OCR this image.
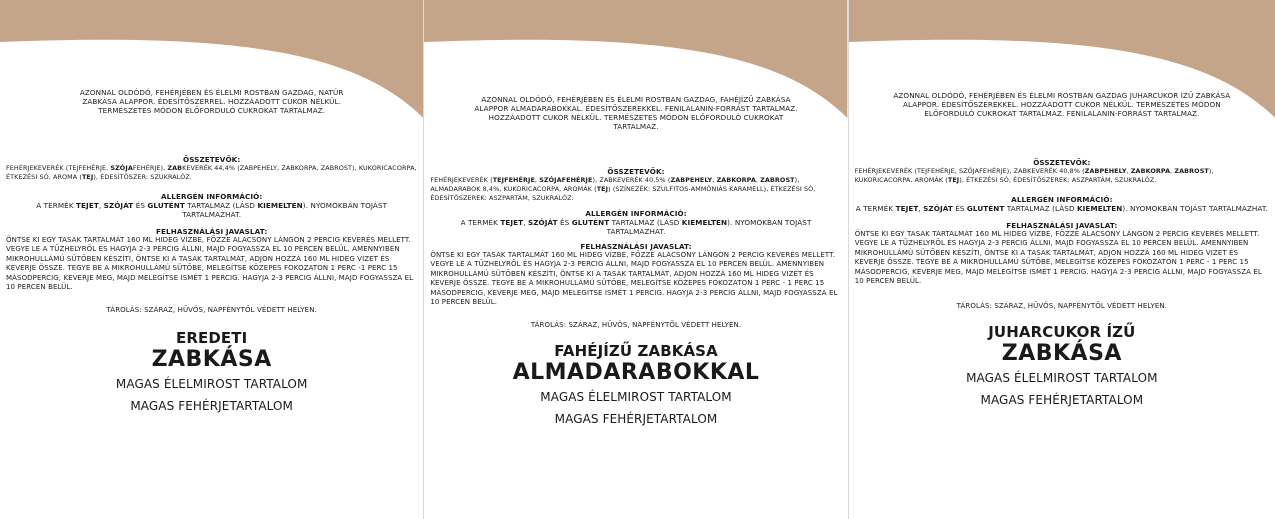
AZONNAL OLDÓDÓ, FEHÉRJÉBEN ÉS ÉLELMI ROSTBAN GAZDAG, NATÚR ZABKÁSA ALAPPOR. ÉDESÍTŐSZERREL. HOZZÁADOTT CUKOR NÉLKÜL. TERMÉSZETES MÓDON ELŐFORDULÓ CUKROKAT TARTALMAZ.
ÖSSZETEVŐK:
FEHÉRJEKEVERÉK (TEJFEHÉRJE, SZÓJAFEHÉRJE), ZABKEVERÉK 44,4% (ZABPEHELY, ZABKORPA, ZABROST), KUKORICACORPA, ÉTKEZÉSI SÓ, AROMA (TEJ), ÉDESÍTŐSZER: SZUKRALÓZ.
ALLERGÉN INFORMÁCIÓ:
A TERMÉK TEJET, SZÓJÁT ÉS GLUTÉNT TARTALMAZ (LÁSD KIEMELTEN). NYOMOKBAN TOJÁST TARTALMAZHAT.
FELHASZNÁLÁSI JAVASLAT:
ÖNTSE KI EGY TASAK TARTALMÁT 160 ML HIDEG VÍZBE, FŐZZE ALACSONY LÁNGON 2 PERCIG KEVERÉS MELLETT. VEGYE LE A TŰZHELYRŐL ÉS HAGYJA 2-3 PERCIG ÁLLNI, MAJD FOGYASSZA EL 10 PERCEN BELÜL. AMENNYIBEN MIKROHULLÁMÚ SÜTŐBEN KÉSZÍTI, ÖNTSE KI A TASAK TARTALMÁT, ADJON HOZZÁ 160 ML HIDEG VIZET ÉS KEVERJE ÖSSZE. TEGYE BE A MIKROHULLÁMÚ SÜTŐBE, MELEGÍTSE KÖZEPES FOKOZATON 1 PERC -1 PERC 15 MÁSODPERCIG, KEVERJE MEG, MAJD MELEGÍTSE ISMÉT 1 PERCIG. HAGYJA 2-3 PERCIG ÁLLNI, MAJD FOGYASSZA EL 10 PERCEN BELÜL.
TÁROLÁS: SZÁRAZ, HŰVÖS, NAPFÉNYTŐL VÉDETT HELYEN.
EREDETI
ZABKÁSA
MAGAS ÉLELMIROST TARTALOM
MAGAS FEHÉRJETARTALOM
AZONNAL OLDÓDÓ, FEHÉRJÉBEN ÉS ÉLELMI ROSTBAN GAZDAG, FAHÉJÍZŰ ZABKÁSA ALAPPOR ALMADARABOKKAL. ÉDESÍTŐSZEREKKEL. FENILALANIN-FORRÁST TARTALMAZ. HOZZÁADOTT CUKOR NÉLKÜL. TERMÉSZETES MÓDON ELŐFORDULÓ CUKROKAT TARTALMAZ.
ÖSSZETEVŐK:
FEHÉRJEKEVERÉK (TEJFEHÉRJE, SZÓJAFEHÉRJE), ZABKEVERÉK 40,5% (ZABPEHELY, ZABKORPA, ZABROST), ALMADARABOK 8,4%, KUKORICACORPA, AROMÁK (TEJ) (SZÍNEZÉK: SZULFITOS-AMMÓNIÁS KARAMELL), ÉTKEZÉSI SÓ, ÉDESÍTŐSZEREK: ASZPARTÁM, SZUKRALÓZ.
ALLERGÉN INFORMÁCIÓ:
A TERMÉK TEJET, SZÓJÁT ÉS GLUTÉNT TARTALMAZ (LÁSD KIEMELTEN). NYOMOKBAN TOJÁST TARTALMAZHAT.
FELHASZNÁLÁSI JAVASLAT:
ÖNTSE KI EGY TASAK TARTALMÁT 160 ML HIDEG VÍZBE, FŐZZE ALACSONY LÁNGON 2 PERCIG KEVERÉS MELLETT. VEGYE LE A TŰZHELYRŐL ÉS HAGYJA 2-3 PERCIG ÁLLNI, MAJD FOGYASSZA EL 10 PERCEN BELÜL. AMENNYIBEN MIKROHULLÁMÚ SÜTŐBEN KÉSZÍTI, ÖNTSE KI A TASAK TARTALMÁT, ADJON HOZZÁ 160 ML HIDEG VIZET ÉS KEVERJE ÖSSZE. TEGYE BE A MIKROHULLÁMÚ SÜTŐBE, MELEGÍTSE KÖZEPES FOKOZATON 1 PERC - 1 PERC 15 MÁSODPERCIG, KEVERJE MEG, MAJD MELEGÍTSE ISMÉT 1 PERCIG. HAGYJA 2-3 PERCIG ÁLLNI, MAJD FOGYASSZA EL 10 PERCEN BELÜL.
TÁROLÁS: SZÁRAZ, HŰVÖS, NAPFÉNYTŐL VÉDETT HELYEN.
FAHÉJÍZŰ ZABKÁSA
ALMADARABOKKAL
MAGAS ÉLELMIROST TARTALOM
MAGAS FEHÉRJETARTALOM
AZONNAL OLDÓDÓ, FEHÉRJÉBEN ÉS ÉLELMI ROSTBAN GAZDAG JUHARCUKOR ÍZŰ ZABKÁSA ALAPPOR. ÉDESÍTŐSZEREKKEL. HOZZÁADOTT CUKOR NÉLKÜL. TERMÉSZETES MÓDON ELŐFORDULÓ CUKROKAT TARTALMAZ. FENILALANIN-FORRÁST TARTALMAZ.
ÖSSZETEVŐK:
FEHÉRJEKEVERÉK (TEJFEHÉRJE, SZÓJAFEHÉRJE), ZABKEVERÉK 40,8% (ZABPEHELY, ZABKORPA, ZABROST), KUKORICACORPA, AROMÁK (TEJ), ÉTKEZÉSI SÓ, ÉDESÍTŐSZEREK: ASZPARTÁM, SZUKRALÓZ.
ALLERGÉN INFORMÁCIÓ:
A TERMÉK TEJET, SZÓJÁT ÉS GLUTÉNT TARTALMAZ (LÁSD KIEMELTEN). NYOMOKBAN TOJÁST TARTALMAZHAT.
FELHASZNÁLÁSI JAVASLAT:
ÖNTSE KI EGY TASAK TARTALMÁT 160 ML HIDEG VÍZBE, FŐZZE ALACSONY LÁNGON 2 PERCIG KEVERÉS MELLETT. VEGYE LE A TŰZHELYRŐL ÉS HAGYJA 2-3 PERCIG ÁLLNI, MAJD FOGYASSZA EL 10 PERCEN BELÜL. AMENNYIBEN MIKROHULLÁMÚ SÜTŐBEN KÉSZÍTI, ÖNTSE KI A TASAK TARTALMÁT, ADJON HOZZÁ 160 ML HIDEG VIZET ÉS KEVERJE ÖSSZE. TEGYE BE A MIKROHULLÁMÚ SÜTŐBE, MELEGÍTSE KÖZEPES FOKOZATON 1 PERC - 1 PERC 15 MÁSODPERCIG, KEVERJE MEG, MAJD MELEGÍTSE ISMÉT 1 PERCIG. HAGYJA 2-3 PERCIG ÁLLNI, MAJD FOGYASSZA EL 10 PERCEN BELÜL.
TÁROLÁS: SZÁRAZ, HŰVÖS, NAPFÉNYTŐL VÉDETT HELYEN.
JUHARCUKOR ÍZŰ
ZABKÁSA
MAGAS ÉLELMIROST TARTALOM
MAGAS FEHÉRJETARTALOM
